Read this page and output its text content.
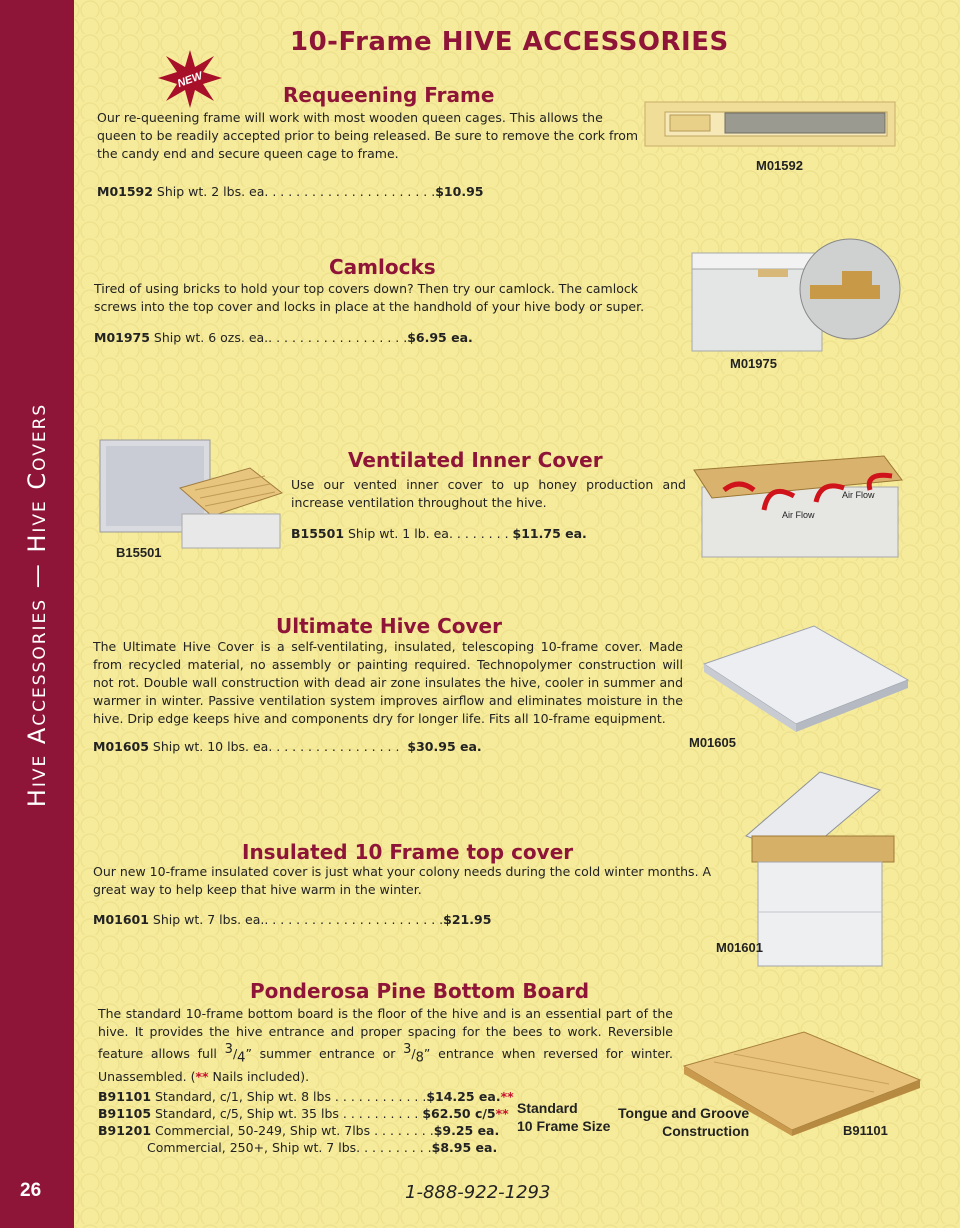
Hive Accessories — Hive Covers
26
10-Frame HIVE ACCESSORIES
NEW
Requeening Frame
Our re-queening frame will work with most wooden queen cages. This allows the queen to be readily accepted prior to being released. Be sure to remove the cork from the candy end and secure queen cage to frame.
M01592 Ship wt. 2 lbs. ea. . . . . . . . . . . . . . . . . . . . . .$10.95
M01592
Camlocks
Tired of using bricks to hold your top covers down? Then try our camlock. The camlock screws into the top cover and locks in place at the handhold of your hive body or super.
M01975 Ship wt. 6 ozs. ea.. . . . . . . . . . . . . . . . . .$6.95 ea.
M01975
B15501
Ventilated Inner Cover
Use our vented inner cover to up honey production and increase ventilation throughout the hive.
B15501 Ship wt. 1 lb. ea. . . . . . . . $11.75 ea.
Air Flow
Air Flow
Ultimate Hive Cover
The Ultimate Hive Cover is a self-ventilating, insulated, telescoping 10-frame cover. Made from recycled material, no assembly or painting required. Technopolymer construction will not rot. Double wall construction with dead air zone insulates the hive, cooler in summer and warmer in winter. Passive ventilation system improves airflow and eliminates moisture in the hive. Drip edge keeps hive and components dry for longer life. Fits all 10-frame equipment.
M01605 Ship wt. 10 lbs. ea. . . . . . . . . . . . . . . . . $30.95 ea.	M01605
Insulated 10 Frame top cover
Our new 10-frame insulated cover is just what your colony needs during the cold winter months. A great way to help keep that hive warm in the winter.
M01601 Ship wt. 7 lbs. ea.. . . . . . . . . . . . . . . . . . . . . . .$21.95
M01601
Ponderosa Pine Bottom Board
The standard 10-frame bottom board is the floor of the hive and is an essential part of the hive. It provides the hive entrance and proper spacing for the bees to work. Reversible feature allows full $^3/_4$” summer entrance or $^3/_8$” entrance when reversed for winter. Unassembled. (** Nails included).
B91101 Standard, c/1, Ship wt. 8 lbs . . . . . . . . . . . .$14.25 ea.**
B91105 Standard, c/5, Ship wt. 35 lbs . . . . . . . . . . $62.50 c/5**
B91201 Commercial, 50-249, Ship wt. 7lbs . . . . . . . .$9.25 ea.
Commercial, 250+, Ship wt. 7 lbs. . . . . . . . . .$8.95 ea.
Standard
10 Frame Size
Tongue and Groove
Construction	B91101
1-888-922-1293
